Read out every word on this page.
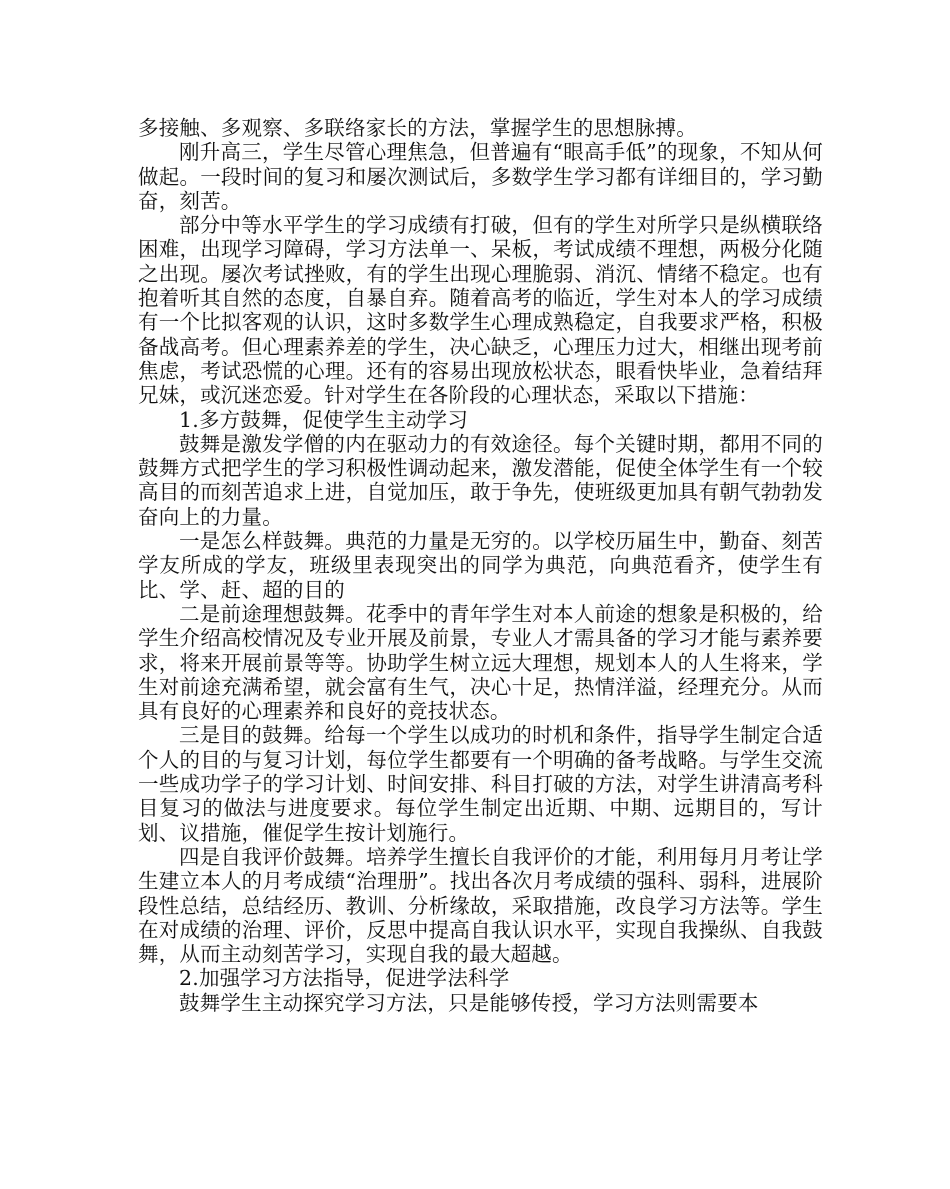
多接触、多观察、多联络家长的方法，掌握学生的思想脉搏。

刚升高三，学生尽管心理焦急，但普遍有“眼高手低”的现象，不知从何做起。一段时间的复习和屡次测试后，多数学生学习都有详细目的，学习勤奋，刻苦。

部分中等水平学生的学习成绩有打破，但有的学生对所学只是纵横联络困难，出现学习障碍，学习方法单一、呆板，考试成绩不理想，两极分化随之出现。屡次考试挫败，有的学生出现心理脆弱、消沉、情绪不稳定。也有抱着听其自然的态度，自暴自弃。随着高考的临近，学生对本人的学习成绩有一个比拟客观的认识，这时多数学生心理成熟稳定，自我要求严格，积极备战高考。但心理素养差的学生，决心缺乏，心理压力过大，相继出现考前焦虑，考试恐慌的心理。还有的容易出现放松状态，眼看快毕业，急着结拜兄妹，或沉迷恋爱。针对学生在各阶段的心理状态，采取以下措施：

1.多方鼓舞，促使学生主动学习

鼓舞是激发学僧的内在驱动力的有效途径。每个关键时期，都用不同的鼓舞方式把学生的学习积极性调动起来，激发潜能，促使全体学生有一个较高目的而刻苦追求上进，自觉加压，敢于争先，使班级更加具有朝气勃勃发奋向上的力量。

一是怎么样鼓舞。典范的力量是无穷的。以学校历届生中，勤奋、刻苦学友所成的学友，班级里表现突出的同学为典范，向典范看齐，使学生有比、学、赶、超的目的

二是前途理想鼓舞。花季中的青年学生对本人前途的想象是积极的，给学生介绍高校情况及专业开展及前景，专业人才需具备的学习才能与素养要求，将来开展前景等等。协助学生树立远大理想，规划本人的人生将来，学生对前途充满希望，就会富有生气，决心十足，热情洋溢，经理充分。从而具有良好的心理素养和良好的竞技状态。

三是目的鼓舞。给每一个学生以成功的时机和条件，指导学生制定合适个人的目的与复习计划，每位学生都要有一个明确的备考战略。与学生交流一些成功学子的学习计划、时间安排、科目打破的方法，对学生讲清高考科目复习的做法与进度要求。每位学生制定出近期、中期、远期目的，写计划、议措施，催促学生按计划施行。

四是自我评价鼓舞。培养学生擅长自我评价的才能，利用每月月考让学生建立本人的月考成绩“治理册”。找出各次月考成绩的强科、弱科，进展阶段性总结，总结经历、教训、分析缘故，采取措施，改良学习方法等。学生在对成绩的治理、评价，反思中提高自我认识水平，实现自我操纵、自我鼓舞，从而主动刻苦学习，实现自我的最大超越。

2.加强学习方法指导，促进学法科学

鼓舞学生主动探究学习方法，只是能够传授，学习方法则需要本
